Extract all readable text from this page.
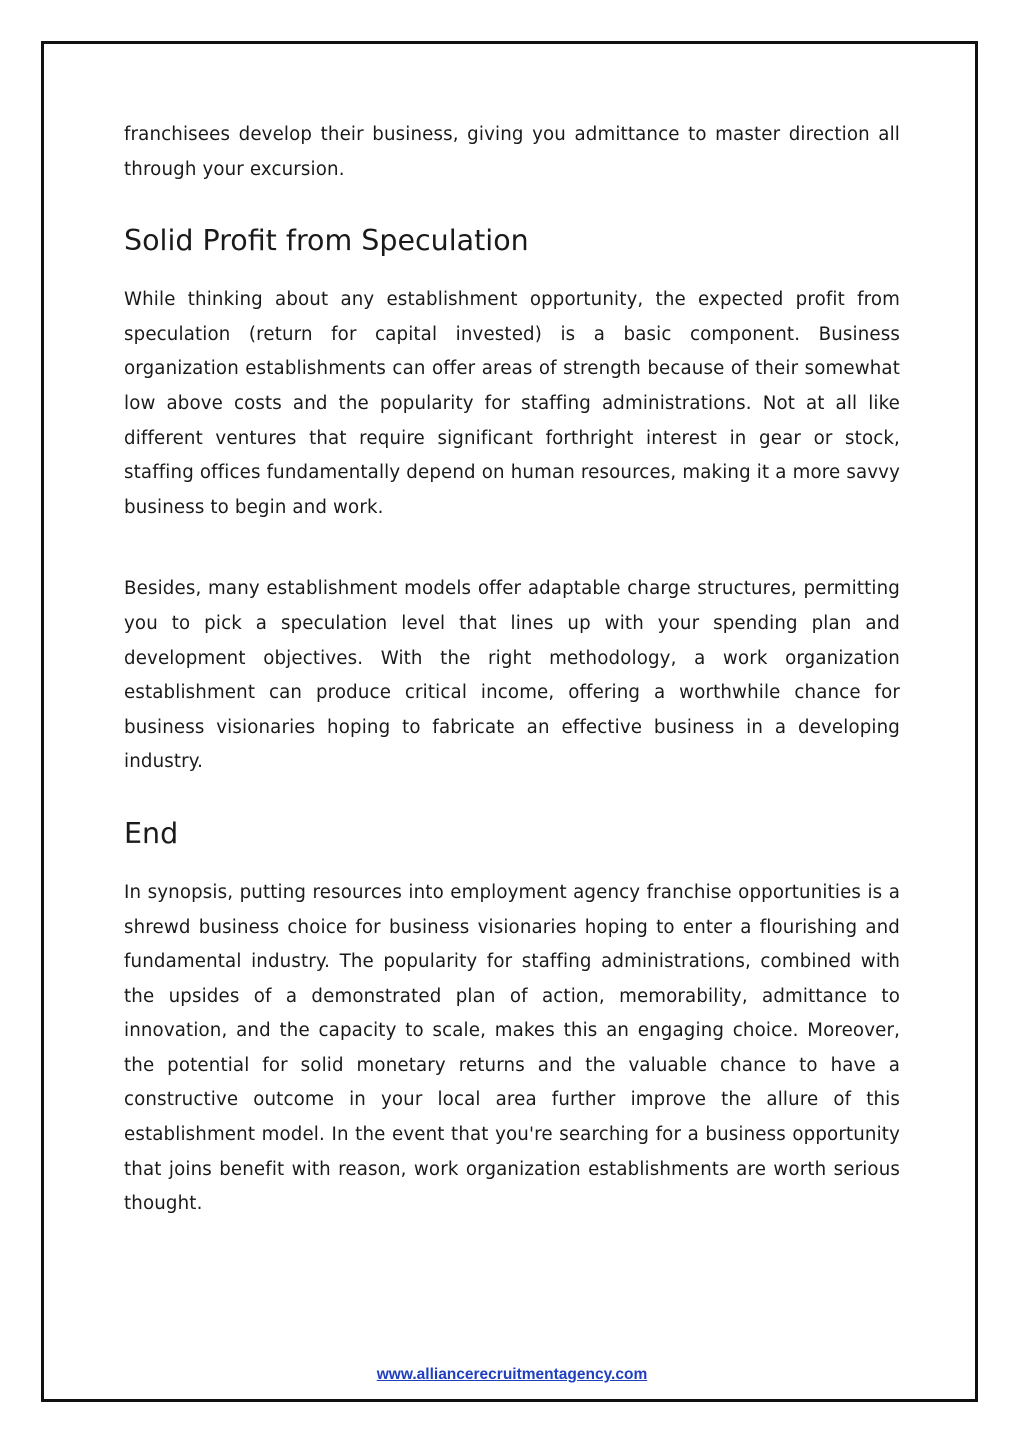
franchisees develop their business, giving you admittance to master direction all through your excursion.

Solid Profit from Speculation

While thinking about any establishment opportunity, the expected profit from speculation (return for capital invested) is a basic component. Business organization establishments can offer areas of strength because of their somewhat low above costs and the popularity for staffing administrations. Not at all like different ventures that require significant forthright interest in gear or stock, staffing offices fundamentally depend on human resources, making it a more savvy business to begin and work.

Besides, many establishment models offer adaptable charge structures, permitting you to pick a speculation level that lines up with your spending plan and development objectives. With the right methodology, a work organization establishment can produce critical income, offering a worthwhile chance for business visionaries hoping to fabricate an effective business in a developing industry.

End

In synopsis, putting resources into employment agency franchise opportunities is a shrewd business choice for business visionaries hoping to enter a flourishing and fundamental industry. The popularity for staffing administrations, combined with the upsides of a demonstrated plan of action, memorability, admittance to innovation, and the capacity to scale, makes this an engaging choice. Moreover, the potential for solid monetary returns and the valuable chance to have a constructive outcome in your local area further improve the allure of this establishment model. In the event that you're searching for a business opportunity that joins benefit with reason, work organization establishments are worth serious thought.

www.alliancerecruitmentagency.com
